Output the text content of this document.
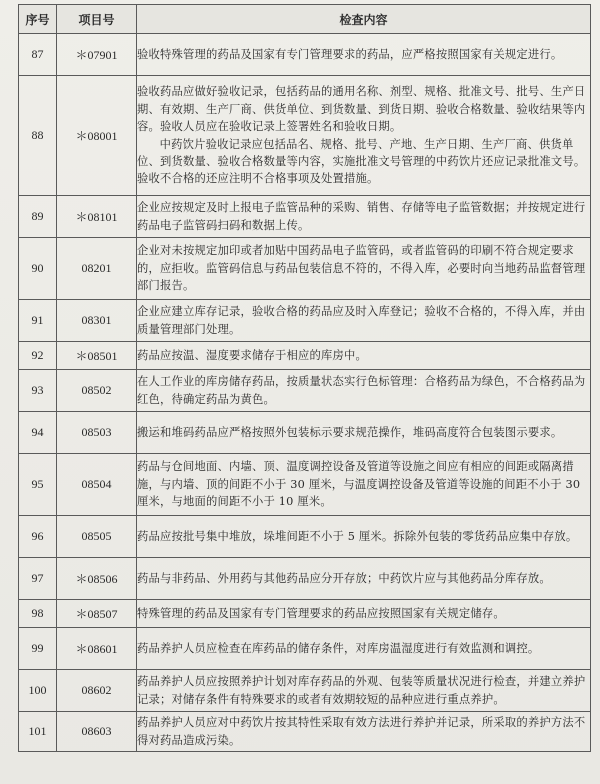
序号	项目号	检查内容
87	＊07901	验收特殊管理的药品及国家有专门管理要求的药品，应严格按照国家有关规定进行。

88	＊08001	验收药品应做好验收记录，包括药品的通用名称、剂型、规格、批准文号、批号、生产日期、有效期、生产厂商、供货单位、到货数量、到货日期、验收合格数量、验收结果等内容。验收人员应在验收记录上签署姓名和验收日期。

中药饮片验收记录应包括品名、规格、批号、产地、生产日期、生产厂商、供货单位、到货数量、验收合格数量等内容，实施批准文号管理的中药饮片还应记录批准文号。验收不合格的还应注明不合格事项及处置措施。

89	＊08101	企业应按规定及时上报电子监管品种的采购、销售、存储等电子监管数据；并按规定进行药品电子监管码扫码和数据上传。

90	08201	企业对未按规定加印或者加贴中国药品电子监管码，或者监管码的印刷不符合规定要求的，应拒收。监管码信息与药品包装信息不符的，不得入库，必要时向当地药品监督管理部门报告。

91	08301	企业应建立库存记录，验收合格的药品应及时入库登记；验收不合格的，不得入库，并由质量管理部门处理。

92	＊08501	药品应按温、湿度要求储存于相应的库房中。

93	08502	在人工作业的库房储存药品，按质量状态实行色标管理：合格药品为绿色，不合格药品为红色，待确定药品为黄色。

94	08503	搬运和堆码药品应严格按照外包装标示要求规范操作，堆码高度符合包装图示要求。

95	08504	药品与仓间地面、内墙、顶、温度调控设备及管道等设施之间应有相应的间距或隔离措施，与内墙、顶的间距不小于 30 厘米，与温度调控设备及管道等设施的间距不小于 30 厘米，与地面的间距不小于 10 厘米。

96	08505	药品应按批号集中堆放，垛堆间距不小于 5 厘米。拆除外包装的零货药品应集中存放。

97	＊08506	药品与非药品、外用药与其他药品应分开存放；中药饮片应与其他药品分库存放。

98	＊08507	特殊管理的药品及国家有专门管理要求的药品应按照国家有关规定储存。

99	＊08601	药品养护人员应检查在库药品的储存条件，对库房温湿度进行有效监测和调控。

100	08602	药品养护人员应按照养护计划对库存药品的外观、包装等质量状况进行检查，并建立养护记录；对储存条件有特殊要求的或者有效期较短的品种应进行重点养护。

101	08603	药品养护人员应对中药饮片按其特性采取有效方法进行养护并记录，所采取的养护方法不得对药品造成污染。
